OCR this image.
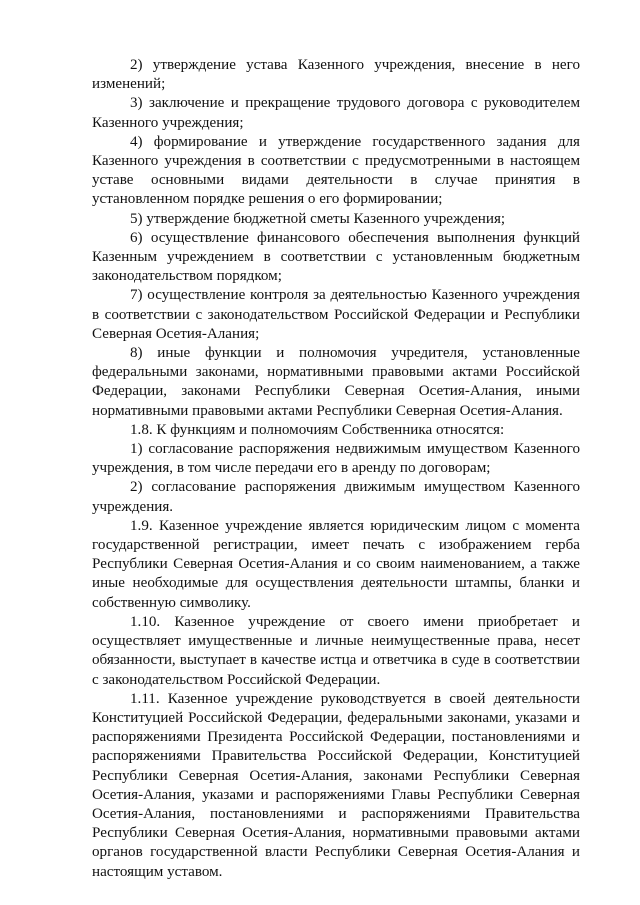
2) утверждение устава Казенного учреждения, внесение в него изменений;

3) заключение и прекращение трудового договора с руководителем Казенного учреждения;

4) формирование и утверждение государственного задания для Казенного учреждения в соответствии с предусмотренными в настоящем уставе основными видами деятельности в случае принятия в установленном порядке решения о его формировании;

5) утверждение бюджетной сметы Казенного учреждения;

6) осуществление финансового обеспечения выполнения функций Казенным учреждением в соответствии с установленным бюджетным законодательством порядком;

7) осуществление контроля за деятельностью Казенного учреждения в соответствии с законодательством Российской Федерации и Республики Северная Осетия-Алания;

8) иные функции и полномочия учредителя, установленные федеральными законами, нормативными правовыми актами Российской Федерации, законами Республики Северная Осетия-Алания, иными нормативными правовыми актами Республики Северная Осетия-Алания.

1.8. К функциям и полномочиям Собственника относятся:

1) согласование распоряжения недвижимым имуществом Казенного учреждения, в том числе передачи его в аренду по договорам;

2) согласование распоряжения движимым имуществом Казенного учреждения.

1.9. Казенное учреждение является юридическим лицом с момента государственной регистрации, имеет печать с изображением герба Республики Северная Осетия-Алания и со своим наименованием, а также иные необходимые для осуществления деятельности штампы, бланки и собственную символику.

1.10. Казенное учреждение от своего имени приобретает и осуществляет имущественные и личные неимущественные права, несет обязанности, выступает в качестве истца и ответчика в суде в соответствии с законодательством Российской Федерации.

1.11. Казенное учреждение руководствуется в своей деятельности Конституцией Российской Федерации, федеральными законами, указами и распоряжениями Президента Российской Федерации, постановлениями и распоряжениями Правительства Российской Федерации, Конституцией Республики Северная Осетия-Алания, законами Республики Северная Осетия-Алания, указами и распоряжениями Главы Республики Северная Осетия-Алания, постановлениями и распоряжениями Правительства Республики Северная Осетия-Алания, нормативными правовыми актами органов государственной власти Республики Северная Осетия-Алания и настоящим уставом.
